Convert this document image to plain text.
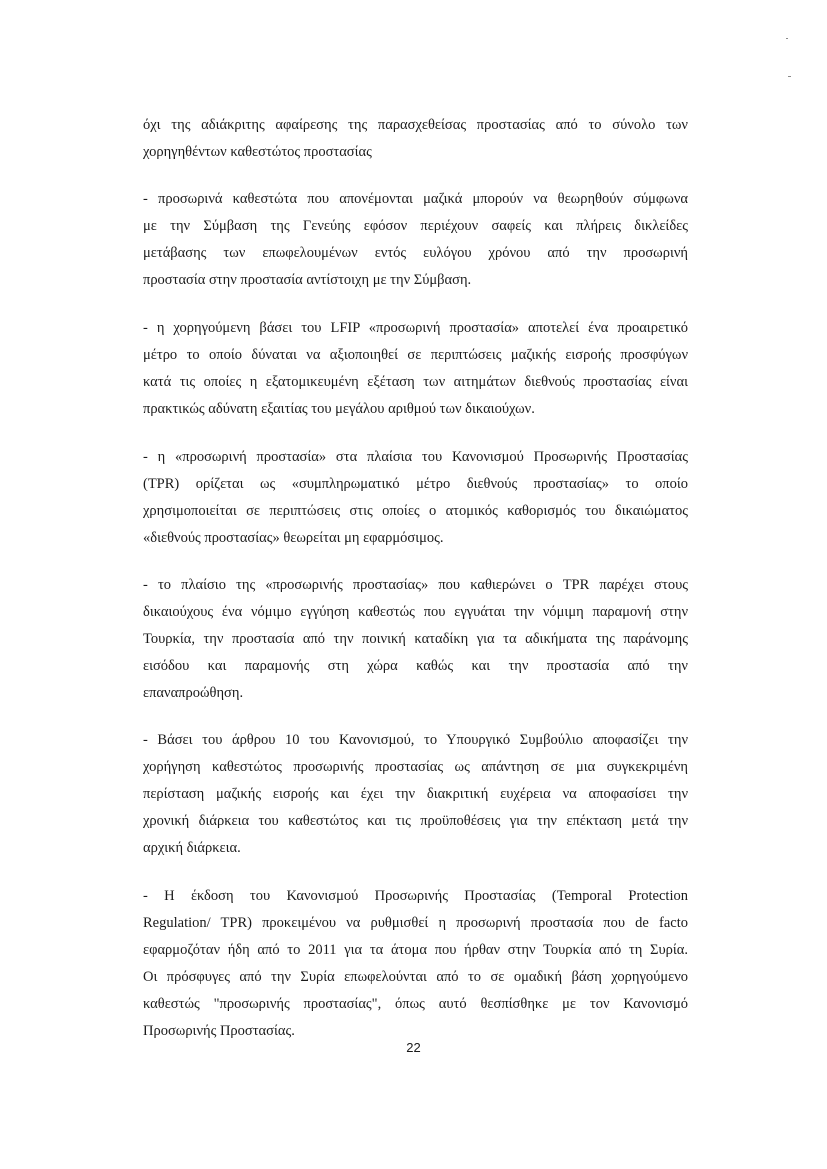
όχι της αδιάκριτης αφαίρεσης της παρασχεθείσας προστασίας από το σύνολο των
χορηγηθέντων καθεστώτος προστασίας

- προσωρινά καθεστώτα που απονέμονται μαζικά μπορούν να θεωρηθούν σύμφωνα
με την Σύμβαση της Γενεύης εφόσον περιέχουν σαφείς και πλήρεις δικλείδες
μετάβασης των επωφελουμένων εντός ευλόγου χρόνου από την προσωρινή
προστασία στην προστασία αντίστοιχη με την Σύμβαση.

- η χορηγούμενη βάσει του LFIP «προσωρινή προστασία» αποτελεί ένα προαιρετικό
μέτρο το οποίο δύναται να αξιοποιηθεί σε περιπτώσεις μαζικής εισροής προσφύγων
κατά τις οποίες η εξατομικευμένη εξέταση των αιτημάτων διεθνούς προστασίας είναι
πρακτικώς αδύνατη εξαιτίας του μεγάλου αριθμού των δικαιούχων.

- η «προσωρινή προστασία» στα πλαίσια του Κανονισμού Προσωρινής Προστασίας
(TPR) ορίζεται ως «συμπληρωματικό μέτρο διεθνούς προστασίας» το οποίο
χρησιμοποιείται σε περιπτώσεις στις οποίες ο ατομικός καθορισμός του δικαιώματος
«διεθνούς προστασίας» θεωρείται μη εφαρμόσιμος.

- το πλαίσιο της «προσωρινής προστασίας» που καθιερώνει ο TPR παρέχει στους
δικαιούχους ένα νόμιμο εγγύηση καθεστώς που εγγυάται την νόμιμη παραμονή στην
Τουρκία, την προστασία από την ποινική καταδίκη για τα αδικήματα της παράνομης
εισόδου και παραμονής στη χώρα καθώς και την προστασία από την
επαναπροώθηση.

- Βάσει του άρθρου 10 του Κανονισμού, το Υπουργικό Συμβούλιο αποφασίζει την
χορήγηση καθεστώτος προσωρινής προστασίας ως απάντηση σε μια συγκεκριμένη
περίσταση μαζικής εισροής και έχει την διακριτική ευχέρεια να αποφασίσει την
χρονική διάρκεια του καθεστώτος και τις προϋποθέσεις για την επέκταση μετά την
αρχική διάρκεια.

- Η έκδοση του Κανονισμού Προσωρινής Προστασίας (Temporal Protection
Regulation/ TPR) προκειμένου να ρυθμισθεί η προσωρινή προστασία που de facto
εφαρμοζόταν ήδη από το 2011 για τα άτομα που ήρθαν στην Τουρκία από τη Συρία.
Οι πρόσφυγες από την Συρία επωφελούνται από το σε ομαδική βάση χορηγούμενο
καθεστώς "προσωρινής προστασίας", όπως αυτό θεσπίσθηκε με τον Κανονισμό
Προσωρινής Προστασίας.

22
